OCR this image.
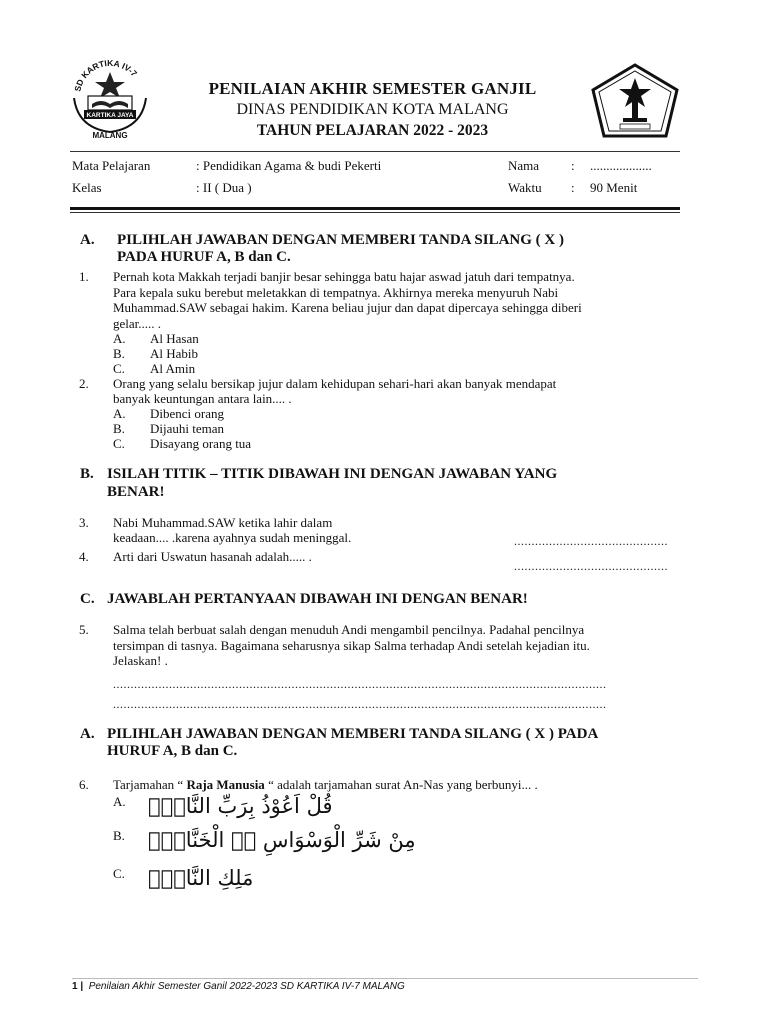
SD KARTIKA IV-7
KARTIKA JAYA
MALANG
PENILAIAN AKHIR SEMESTER GANJIL
DINAS PENDIDIKAN KOTA MALANG
TAHUN PELAJARAN 2022 - 2023
Mata Pelajaran	: Pendidikan Agama & budi Pekerti	Nama : ...................
Kelas	: II ( Dua )	Waktu : 90 Menit
A. PILIHLAH JAWABAN DENGAN MEMBERI TANDA SILANG ( X )
PADA HURUF A, B dan C.
1. Pernah kota Makkah terjadi banjir besar sehingga batu hajar aswad jatuh dari tempatnya.
Para kepala suku berebut meletakkan di tempatnya. Akhirnya mereka menyuruh Nabi
Muhammad.SAW sebagai hakim. Karena beliau jujur dan dapat dipercaya sehingga diberi
gelar..... .
A. Al Hasan
B. Al Habib
C. Al Amin
2. Orang yang selalu bersikap jujur dalam kehidupan sehari-hari akan banyak mendapat
banyak keuntungan antara lain.... .
A. Dibenci orang
B. Dijauhi teman
C. Disayang orang tua
B. ISILAH TITIK – TITIK DIBAWAH INI DENGAN JAWABAN YANG
BENAR!
3. Nabi Muhammad.SAW ketika lahir dalam
keadaan.... .karena ayahnya sudah meninggal.	............................................
4. Arti dari Uswatun hasanah adalah..... .
............................................
C. JAWABLAH PERTANYAAN DIBAWAH INI DENGAN BENAR!
5. Salma telah berbuat salah dengan menuduh Andi mengambil pencilnya. Padahal pencilnya
tersimpan di tasnya. Bagaimana seharusnya sikap Salma terhadap Andi setelah kejadian itu.
Jelaskan! .
.............................................................................................................................................
.............................................................................................................................................
A. PILIHLAH JAWABAN DENGAN MEMBERI TANDA SILANG ( X ) PADA
HURUF A, B dan C.
6. Tarjamahan “ Raja Manusia “ adalah tarjamahan surat An-Nas yang berbunyi... .
A. قُلْ اَعُوْذُ بِرَبِّ النَّاسِۙ
B. مِنْ شَرِّ الْوَسْوَاسِ ەۙ الْخَنَّاسِۖ
C. مَلِكِ النَّاسِۙ
1 | Penilaian Akhir Semester Ganil 2022-2023 SD KARTIKA IV-7 MALANG
